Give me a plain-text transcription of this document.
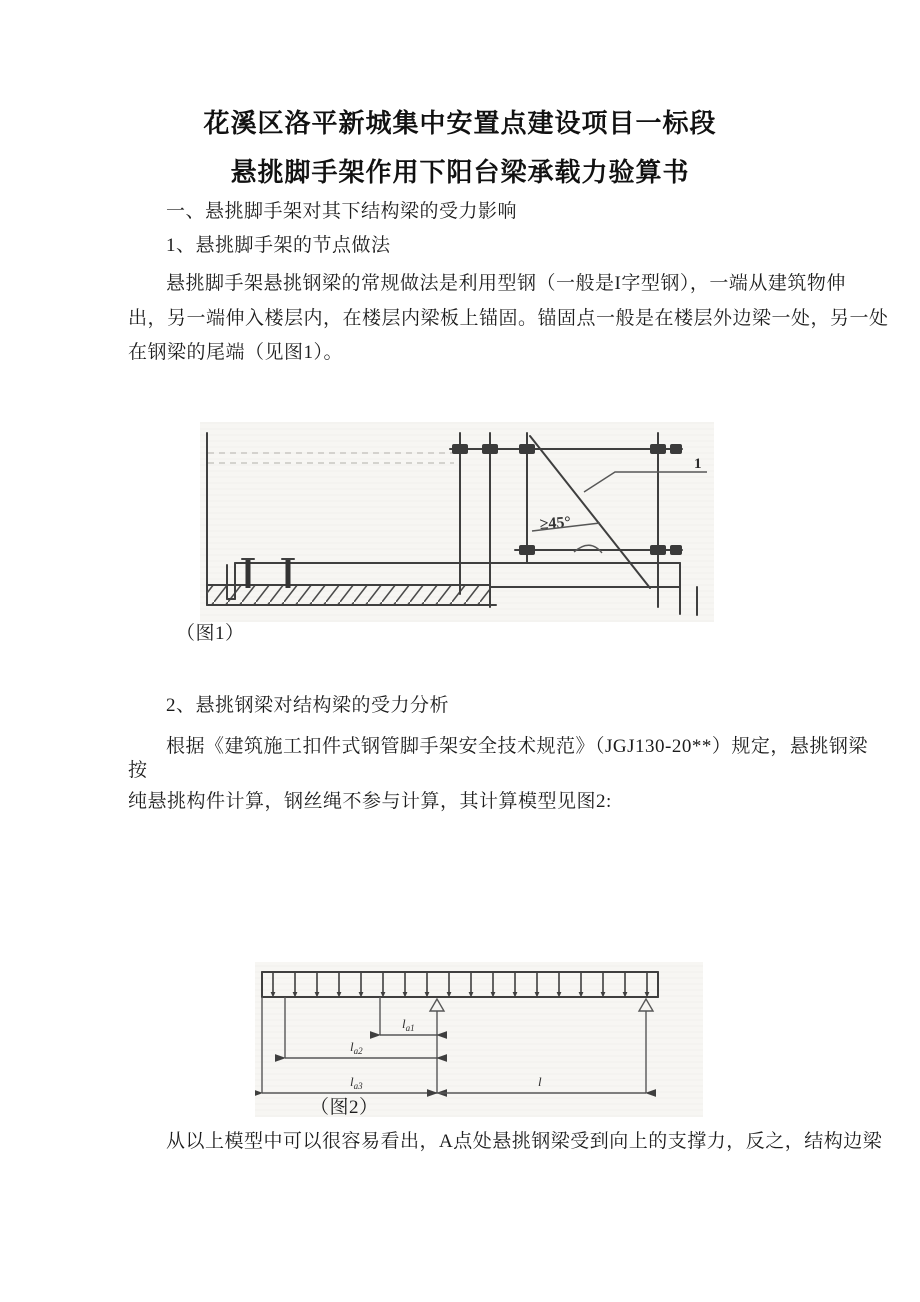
花溪区洛平新城集中安置点建设项目一标段
悬挑脚手架作用下阳台梁承载力验算书
一、悬挑脚手架对其下结构梁的受力影响
1、悬挑脚手架的节点做法
悬挑脚手架悬挑钢梁的常规做法是利用型钢（一般是I字型钢），一端从建筑物伸
出，另一端伸入楼层内，在楼层内梁板上锚固。锚固点一般是在楼层外边梁一处，另一处
在钢梁的尾端（见图1）。
1
≥45°
（图1）
2、悬挑钢梁对结构梁的受力分析
根据《建筑施工扣件式钢管脚手架安全技术规范》（JGJ130-20**）规定，悬挑钢梁
按
纯悬挑构件计算，钢丝绳不参与计算，其计算模型见图2:
$l_{a1}$
$l_{a2}$
$l_{a3}$	l
（图2）
从以上模型中可以很容易看出，A点处悬挑钢梁受到向上的支撑力，反之，结构边梁
